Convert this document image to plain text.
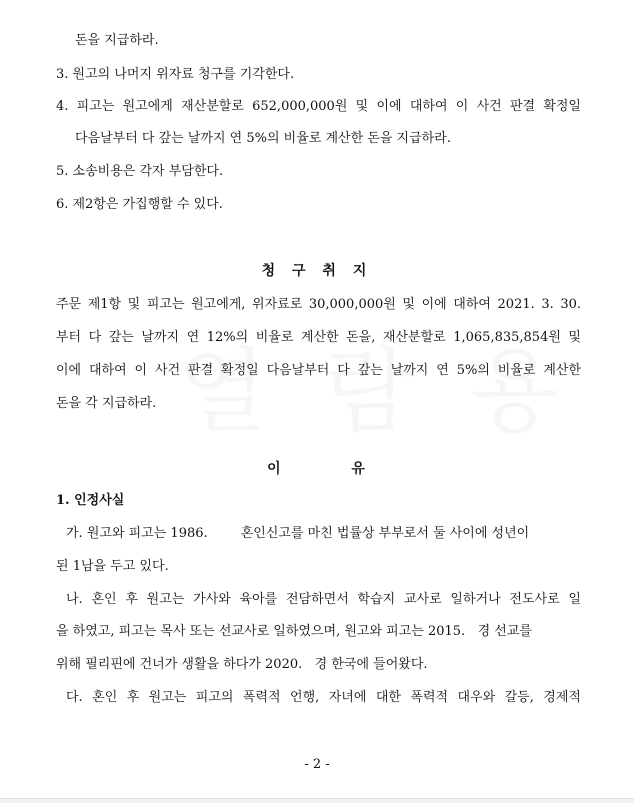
돈을 지급하라.
3. 원고의 나머지 위자료 청구를 기각한다.
4. 피고는 원고에게 재산분할로 652,000,000원 및 이에 대하여 이 사건 판결 확정일
다음날부터 다 갚는 날까지 연 5%의 비율로 계산한 돈을 지급하라.
5. 소송비용은 각자 부담한다.
6. 제2항은 가집행할 수 있다.
청 구 취 지
주문 제1항 및 피고는 원고에게, 위자료로 30,000,000원 및 이에 대하여 2021. 3. 30.
부터 다 갚는 날까지 연 12%의 비율로 계산한 돈을, 재산분할로 1,065,835,854원 및
이에 대하여 이 사건 판결 확정일 다음날부터 다 갚는 날까지 연 5%의 비율로 계산한
돈을 각 지급하라.
이          유
1. 인정사실
가. 원고와 피고는 1986.        혼인신고를 마친 법률상 부부로서 둘 사이에 성년이
된 1남을 두고 있다.
나. 혼인 후 원고는 가사와 육아를 전담하면서 학습지 교사로 일하거나 전도사로 일
을 하였고, 피고는 목사 또는 선교사로 일하였으며, 원고와 피고는 2015.   경 선교를
위해 필리핀에 건너가 생활을 하다가 2020.   경 한국에 들어왔다.
다. 혼인 후 원고는 피고의 폭력적 언행, 자녀에 대한 폭력적 대우와 갈등, 경제적
- 2 -
